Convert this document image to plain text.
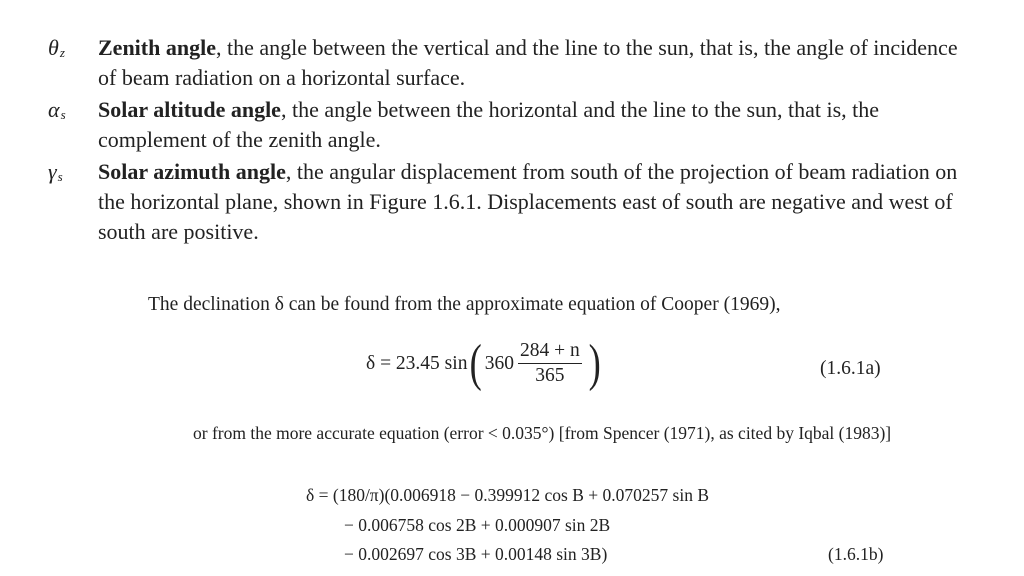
$\theta_z$	Zenith angle, the angle between the vertical and the line to the sun, that is, the angle of incidence of beam radiation on a horizontal surface.
$\alpha_s$	Solar altitude angle, the angle between the horizontal and the line to the sun, that is, the complement of the zenith angle.
$\gamma_s$	Solar azimuth angle, the angular displacement from south of the projection of beam radiation on the horizontal plane, shown in Figure 1.6.1. Displacements east of south are negative and west of south are positive.
The declination δ can be found from the approximate equation of Cooper (1969),
δ = 23.45 sin ( $360 \frac{284 + n}{365}$ )	(1.6.1a)
or from the more accurate equation (error < 0.035°) [from Spencer (1971), as cited by Iqbal (1983)]
δ = (180/π)(0.006918 − 0.399912 cos B + 0.070257 sin B
− 0.006758 cos 2B + 0.000907 sin 2B
− 0.002697 cos 3B + 0.00148 sin 3B)	(1.6.1b)
